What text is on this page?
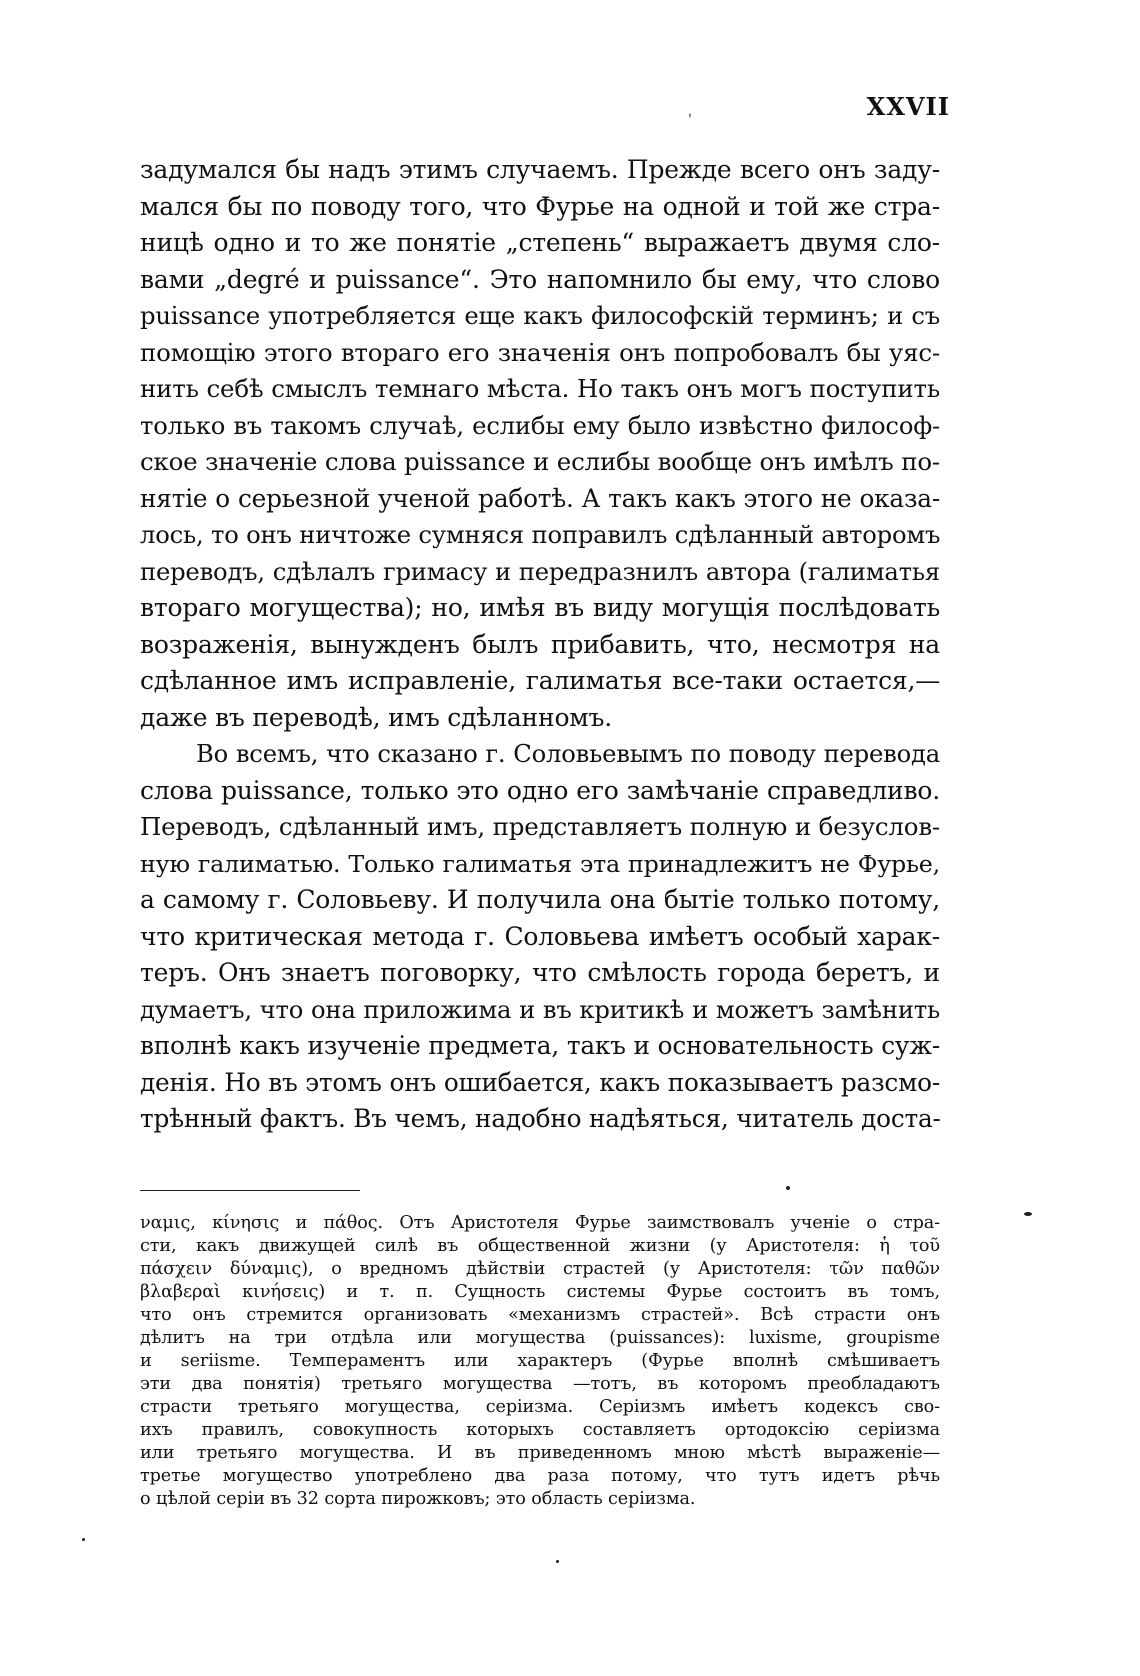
XXVII
'
задумался бы надъ этимъ случаемъ. Прежде всего онъ заду-
мался бы по поводу того, что Фурье на одной и той же стра-
ницѣ одно и то же понятіе „степень“ выражаетъ двумя сло-
вами „degré и puissance“. Это напомнило бы ему, что слово
puissance употребляется еще какъ философскій терминъ; и съ
помощію этого втораго его значенія онъ попробовалъ бы уяс-
нить себѣ смыслъ темнаго мѣста. Но такъ онъ могъ поступить
только въ такомъ случаѣ, еслибы ему было извѣстно философ-
ское значеніе слова puissance и еслибы вообще онъ имѣлъ по-
нятіе о серьезной ученой работѣ. А такъ какъ этого не оказа-
лось, то онъ ничтоже сумняся поправилъ сдѣланный авторомъ
переводъ, сдѣлалъ гримасу и передразнилъ автора (галиматья
втораго могущества); но, имѣя въ виду могущія послѣдовать
возраженія, вынужденъ былъ прибавить, что, несмотря на
сдѣланное имъ исправленіе, галиматья все-таки остается,—
даже въ переводѣ, имъ сдѣланномъ.
Во всемъ, что сказано г. Соловьевымъ по поводу перевода
слова puissance, только это одно его замѣчаніе справедливо.
Переводъ, сдѣланный имъ, представляетъ полную и безуслов-
ную галиматью. Только галиматья эта принадлежитъ не Фурье,
а самому г. Соловьеву. И получила она бытіе только потому,
что критическая метода г. Соловьева имѣетъ особый харак-
теръ. Онъ знаетъ поговорку, что смѣлость города беретъ, и
думаетъ, что она приложима и въ критикѣ и можетъ замѣнить
вполнѣ какъ изученіе предмета, такъ и основательность суж-
денія. Но въ этомъ онъ ошибается, какъ показываетъ разсмо-
трѣнный фактъ. Въ чемъ, надобно надѣяться, читатель доста-
ναμις, κίνησις и πάθος. Отъ Аристотеля Фурье заимствовалъ ученіе о стра-
сти, какъ движущей силѣ въ общественной жизни (у Аристотеля: ἡ τοῦ
πάσχειν δύναμις), о вредномъ дѣйствіи страстей (у Аристотеля: τῶν παθῶν
βλαβεραὶ κινήσεις) и т. п. Сущность системы Фурье состоитъ въ томъ,
что онъ стремится организовать «механизмъ страстей». Всѣ страсти онъ
дѣлитъ на три отдѣла или могущества (puissances): luxisme, groupisme
и seriisme. Темпераментъ или характеръ (Фурье вполнѣ смѣшиваетъ
эти два понятія) третьяго могущества —тотъ, въ которомъ преобладаютъ
страсти третьяго могущества, серіизма. Серіизмъ имѣетъ кодексъ сво-
ихъ правилъ, совокупность которыхъ составляетъ ортодоксію серіизма
или третьяго могущества. И въ приведенномъ мною мѣстѣ выраженіе—
третье могущество употреблено два раза потому, что тутъ идетъ рѣчь
о цѣлой серіи въ 32 сорта пирожковъ; это область серіизма.
